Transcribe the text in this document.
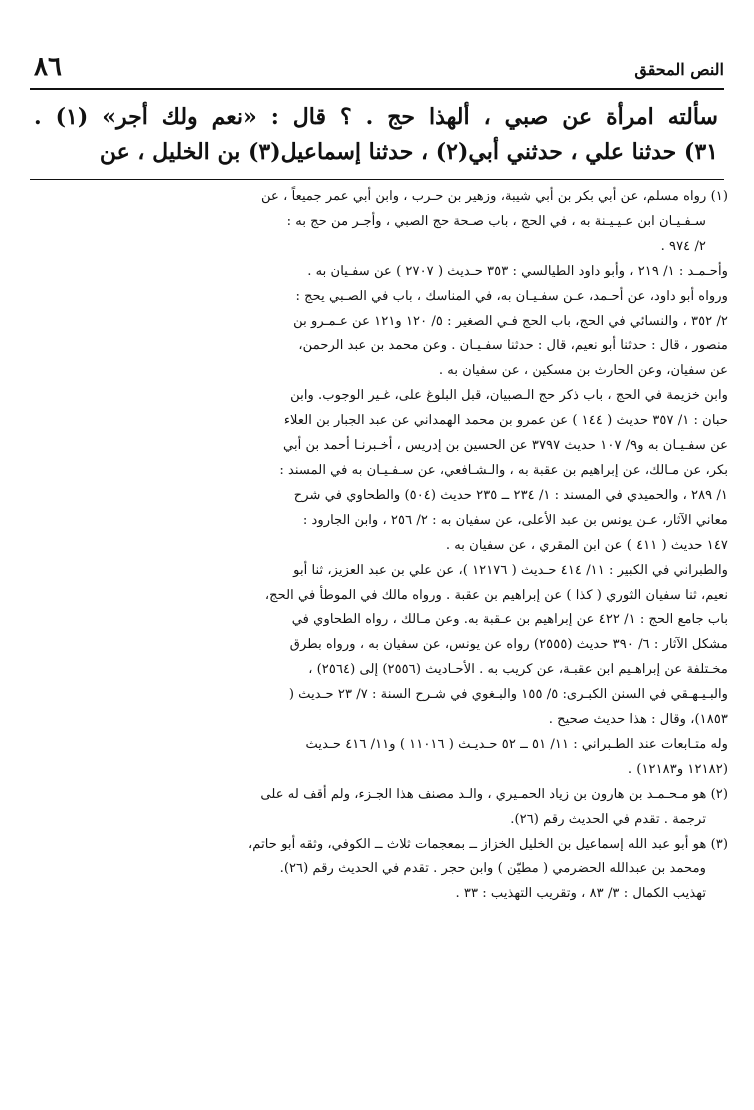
النص المحقق
٨٦
سألته امرأة عن صبي ، ألهذا حج . ؟ قال : «نعم ولك أجر» (١) .
٣١) حدثنا علي ، حدثني أبي(٢) ، حدثنا إسماعيل(٣) بن الخليل ، عن
(١) رواه مسلم، عن أبي بكر بن أبي شيبة، وزهير بن حـرب ، وابن أبي عمر جميعاً ، عن
سـفـيـان ابن عـيـيـنة به ، في الحج ، باب صـحة حج الصبي ، وأجـر من حج به :
٢/ ٩٧٤ .
وأحـمـد : ١/ ٢١٩ ، وأبو داود الطيالسي : ٣٥٣ حـديث ( ٢٧٠٧ ) عن سفـيان به .
ورواه أبو داود، عن أحـمد، عـن سفـيـان به، في المناسك ، باب في الصـبي يحج :
٢/ ٣٥٢ ، والنسائي في الحج، باب الحج فـي الصغير : ٥/ ١٢٠ و١٢١ عن عـمـرو بن
منصور ، قال : حدثنا أبو نعيم، قال : حدثنا سفـيـان . وعن محمد بن عبد الرحمن،
عن سفيان، وعن الحارث بن مسكين ، عن سفيان به .
وابن خزيمة في الحج ، باب ذكر حج الـصبيان، قبل البلوغ على، غـير الوجوب. وابن
حبان : ١/ ٣٥٧ حديث ( ١٤٤ ) عن عمرو بن محمد الهمداني عن عبد الجبار بن العلاء
عن سفـيـان به و٩/ ١٠٧ حديث ٣٧٩٧ عن الحسين بن إدريس ، أخـبرنـا أحمد بن أبي
بكر، عن مـالك، عن إبراهيم بن عقبة به ، والـشـافعي، عن سـفـيـان به في المسند :
١/ ٢٨٩ ، والحميدي في المسند : ١/ ٢٣٤ ــ ٢٣٥ حديث (٥٠٤) والطحاوي في شرح
معاني الآثار، عـن يونس بن عبد الأعلى، عن سفيان به : ٢/ ٢٥٦ ، وابن الجارود :
١٤٧ حديث ( ٤١١ ) عن ابن المقري ، عن سفيان به .
والطبراني في الكبير : ١١/ ٤١٤ حـديث ( ١٢١٧٦ )، عن علي بن عبد العزيز، ثنا أبو
نعيم، ثنا سفيان الثوري ( كذا ) عن إبراهيم بن عقبة . ورواه مالك في الموطأ في الحج،
باب جامع الحج : ١/ ٤٢٢ عن إبراهيم بن عـقبة به. وعن مـالك ، رواه الطحاوي في
مشكل الآثار : ٦/ ٣٩٠ حديث (٢٥٥٥) رواه عن يونس، عن سفيان به ، ورواه بطرق
مخـتلفة عن إبراهـيم ابن عقبـة، عن كريب به . الأحـاديث (٢٥٥٦) إلى (٢٥٦٤) ،
والبـيـهـقي في السنن الكبـرى: ٥/ ١٥٥ والبـغوي في شـرح السنة : ٧/ ٢٣ حـديث (
١٨٥٣)، وقال : هذا حديث صحيح .
وله متـابعات عند الطـبراني : ١١/ ٥١ ــ ٥٢ حـديـث ( ١١٠١٦ ) و١١/ ٤١٦ حـديث
(١٢١٨٢ و١٢١٨٣) .
(٢) هو مـحـمـد بن هارون بن زياد الحمـيري ، والـد مصنف هذا الجـزء، ولم أقف له على
ترجمة . تقدم في الحديث رقم (٢٦).
(٣) هو أبو عبد الله إسماعيل بن الخليل الخزاز ــ بمعجمات ثلاث ــ الكوفي، وثقه أبو حاتم،
ومحمد بن عبدالله الحضرمي ( مطيّن ) وابن حجر . تقدم في الحديث رقم (٢٦).
تهذيب الكمال : ٣/ ٨٣ ، وتقريب التهذيب : ٣٣ .
